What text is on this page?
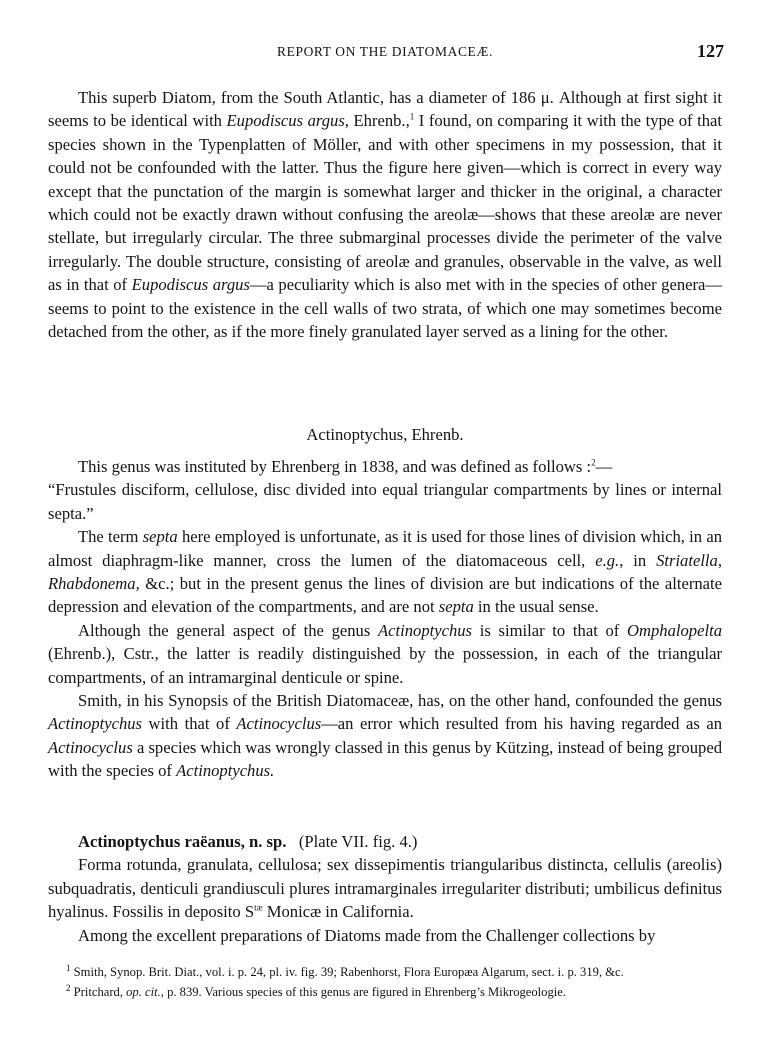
REPORT ON THE DIATOMACEÆ.	127

This superb Diatom, from the South Atlantic, has a diameter of 186 μ. Although at first sight it seems to be identical with Eupodiscus argus, Ehrenb.,$^1$ I found, on comparing it with the type of that species shown in the Typenplatten of Möller, and with other specimens in my possession, that it could not be confounded with the latter. Thus the figure here given—which is correct in every way except that the punctation of the margin is somewhat larger and thicker in the original, a character which could not be exactly drawn without confusing the areolæ—shows that these areolæ are never stellate, but irregularly circular. The three submarginal processes divide the perimeter of the valve irregularly. The double structure, consisting of areolæ and granules, observable in the valve, as well as in that of Eupodiscus argus—a peculiarity which is also met with in the species of other genera—seems to point to the existence in the cell walls of two strata, of which one may sometimes become detached from the other, as if the more finely granulated layer served as a lining for the other.

Actinoptychus, Ehrenb.

This genus was instituted by Ehrenberg in 1838, and was defined as follows :$^2$—

“Frustules disciform, cellulose, disc divided into equal triangular compartments by lines or internal septa.”

The term septa here employed is unfortunate, as it is used for those lines of division which, in an almost diaphragm-like manner, cross the lumen of the diatomaceous cell, e.g., in Striatella, Rhabdonema, &c.; but in the present genus the lines of division are but indications of the alternate depression and elevation of the compartments, and are not septa in the usual sense.

Although the general aspect of the genus Actinoptychus is similar to that of Omphalopelta (Ehrenb.), Cstr., the latter is readily distinguished by the possession, in each of the triangular compartments, of an intramarginal denticule or spine.

Smith, in his Synopsis of the British Diatomaceæ, has, on the other hand, confounded the genus Actinoptychus with that of Actinocyclus—an error which resulted from his having regarded as an Actinocyclus a species which was wrongly classed in this genus by Kützing, instead of being grouped with the species of Actinoptychus.

Actinoptychus raëanus, n. sp. (Plate VII. fig. 4.)

Forma rotunda, granulata, cellulosa; sex dissepimentis triangularibus distincta, cellulis (areolis) subquadratis, denticuli grandiusculi plures intramarginales irregulariter distributi; umbilicus definitus hyalinus. Fossilis in deposito $S^{tæ}$ Monicæ in California.

Among the excellent preparations of Diatoms made from the Challenger collections by

$^1$ Smith, Synop. Brit. Diat., vol. i. p. 24, pl. iv. fig. 39; Rabenhorst, Flora Europæa Algarum, sect. i. p. 319, &c.

$^2$ Pritchard, op. cit., p. 839. Various species of this genus are figured in Ehrenberg’s Mikrogeologie.
